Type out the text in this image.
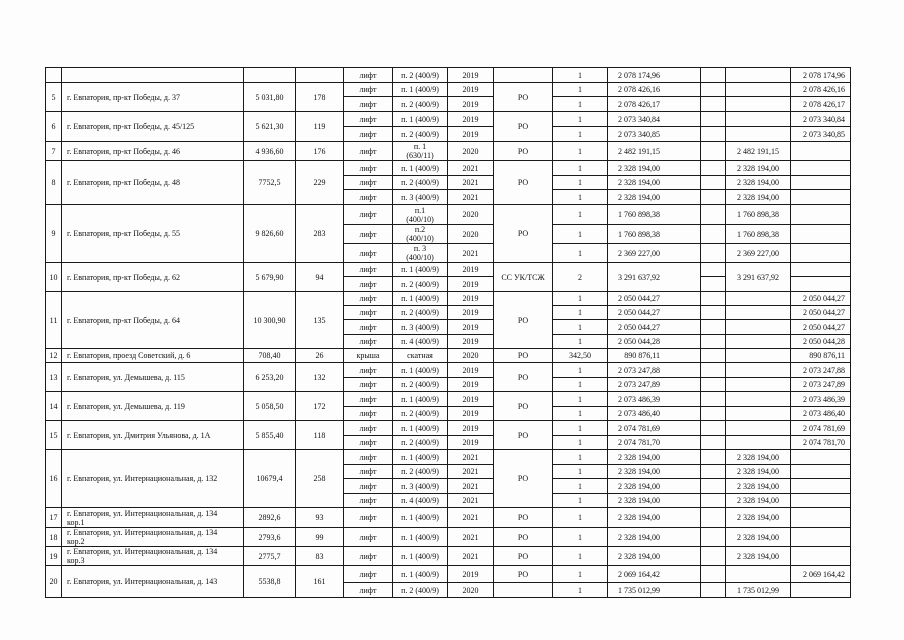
				лифт	п. 2 (400/9)	2019		1	2 078 174,96			2 078 174,96
5	г. Евпатория, пр-кт Победы, д. 37	5 031,80	178	лифт	п. 1 (400/9)	2019	РО	1	2 078 426,16			2 078 426,16
				лифт	п. 2 (400/9)	2019		1	2 078 426,17			2 078 426,17
6	г. Евпатория, пр-кт Победы, д. 45/125	5 621,30	119	лифт	п. 1 (400/9)	2019	РО	1	2 073 340,84			2 073 340,84
				лифт	п. 2 (400/9)	2019		1	2 073 340,85			2 073 340,85
7	г. Евпатория, пр-кт Победы, д. 46	4 936,60	176	лифт	п. 1
(630/11)	2020	РО	1	2 482 191,15		2 482 191,15	
8	г. Евпатория, пр-кт Победы, д. 48	7752,5	229	лифт	п. 1 (400/9)	2021	РО	1	2 328 194,00		2 328 194,00	
				лифт	п. 2 (400/9)	2021		1	2 328 194,00		2 328 194,00	
				лифт	п. 3 (400/9)	2021		1	2 328 194,00		2 328 194,00	
9	г. Евпатория, пр-кт Победы, д. 55	9 826,60	283	лифт	п.1
(400/10)	2020	РО	1	1 760 898,38		1 760 898,38	
				лифт	п.2
(400/10)	2020		1	1 760 898,38		1 760 898,38	
				лифт	п. 3
(400/10)	2021		1	2 369 227,00		2 369 227,00	
10	г. Евпатория, пр-кт Победы, д. 62	5 679,90	94	лифт	п. 1 (400/9)	2019	СС УК/ТСЖ	2	3 291 637,92		3 291 637,92	
				лифт	п. 2 (400/9)	2019						
11	г. Евпатория, пр-кт Победы, д. 64	10 300,90	135	лифт	п. 1 (400/9)	2019	РО	1	2 050 044,27			2 050 044,27
				лифт	п. 2 (400/9)	2019		1	2 050 044,27			2 050 044,27
				лифт	п. 3 (400/9)	2019		1	2 050 044,27			2 050 044,27
				лифт	п. 4 (400/9)	2019		1	2 050 044,28			2 050 044,28
12	г. Евпатория, проезд Советский, д. 6	708,40	26	крыша	скатная	2020	РО	342,50	890 876,11			890 876,11
13	г. Евпатория, ул. Демышева, д. 115	6 253,20	132	лифт	п. 1 (400/9)	2019	РО	1	2 073 247,88			2 073 247,88
				лифт	п. 2 (400/9)	2019		1	2 073 247,89			2 073 247,89
14	г. Евпатория, ул. Демышева, д. 119	5 058,50	172	лифт	п. 1 (400/9)	2019	РО	1	2 073 486,39			2 073 486,39
				лифт	п. 2 (400/9)	2019		1	2 073 486,40			2 073 486,40
15	г. Евпатория, ул. Дмитрия Ульянова, д. 1А	5 855,40	118	лифт	п. 1 (400/9)	2019	РО	1	2 074 781,69			2 074 781,69
				лифт	п. 2 (400/9)	2019		1	2 074 781,70			2 074 781,70
16	г. Евпатория, ул. Интернациональная, д. 132	10679,4	258	лифт	п. 1 (400/9)	2021	РО	1	2 328 194,00		2 328 194,00	
				лифт	п. 2 (400/9)	2021		1	2 328 194,00		2 328 194,00	
				лифт	п. 3 (400/9)	2021		1	2 328 194,00		2 328 194,00	
				лифт	п. 4 (400/9)	2021		1	2 328 194,00		2 328 194,00	
17	г. Евпатория, ул. Интернациональная, д. 134
кор.1	2892,6	93	лифт	п. 1 (400/9)	2021	РО	1	2 328 194,00		2 328 194,00	
18	г. Евпатория, ул. Интернациональная, д. 134
кор.2	2793,6	99	лифт	п. 1 (400/9)	2021	РО	1	2 328 194,00		2 328 194,00	
19	г. Евпатория, ул. Интернациональная, д. 134
кор.3	2775,7	83	лифт	п. 1 (400/9)	2021	РО	1	2 328 194,00		2 328 194,00	
20	г. Евпатория, ул. Интернациональная, д. 143	5538,8	161	лифт	п. 1 (400/9)	2019	РО	1	2 069 164,42			2 069 164,42
				лифт	п. 2 (400/9)	2020		1	1 735 012,99		1 735 012,99	
